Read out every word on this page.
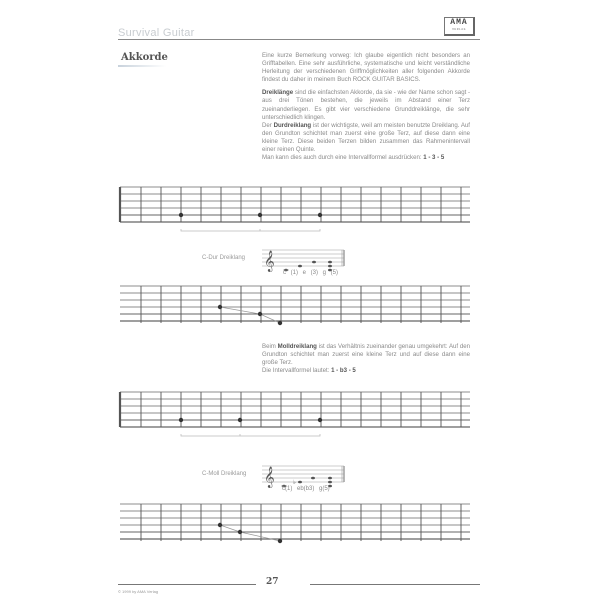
Survival Guitar
AMA
VERLAG
Akkorde	Eine kurze Bemerkung vorweg: Ich glaube eigentlich nicht besonders an Grifftabellen. Eine sehr ausführliche, systematische und leicht verständliche Herleitung der verschiedenen Griffmöglichkeiten aller folgenden Akkorde findest du daher in meinem Buch ROCK GUITAR BASICS.

Dreiklänge sind die einfachsten Akkorde, da sie - wie der Name schon sagt - aus drei Tönen bestehen, die jeweils im Abstand einer Terz zueinanderliegen. Es gibt vier verschiedene Grunddreiklänge, die sehr unterschiedlich klingen.

Der Durdreiklang ist der wichtigste, weil am meisten benutzte Dreiklang. Auf den Grundton schichtet man zuerst eine große Terz, auf diese dann eine kleine Terz. Diese beiden Terzen bilden zusammen das Rahmenintervall einer reinen Quinte.

Man kann dies auch durch eine Intervallformel ausdrücken: 1 - 3 - 5

C-Dur Dreiklang 𝄞
c (1) e (3) g (5)

Beim Molldreiklang ist das Verhältnis zueinander genau umgekehrt: Auf den Grundton schichtet man zuerst eine kleine Terz und auf diese dann eine große Terz.

Die Intervallformel lautet: 1 - b3 - 5

C-Moll Dreiklang 𝄞	♭
c(1) eb(b3) g(5)
27
© 1999 by AMA Verlag
